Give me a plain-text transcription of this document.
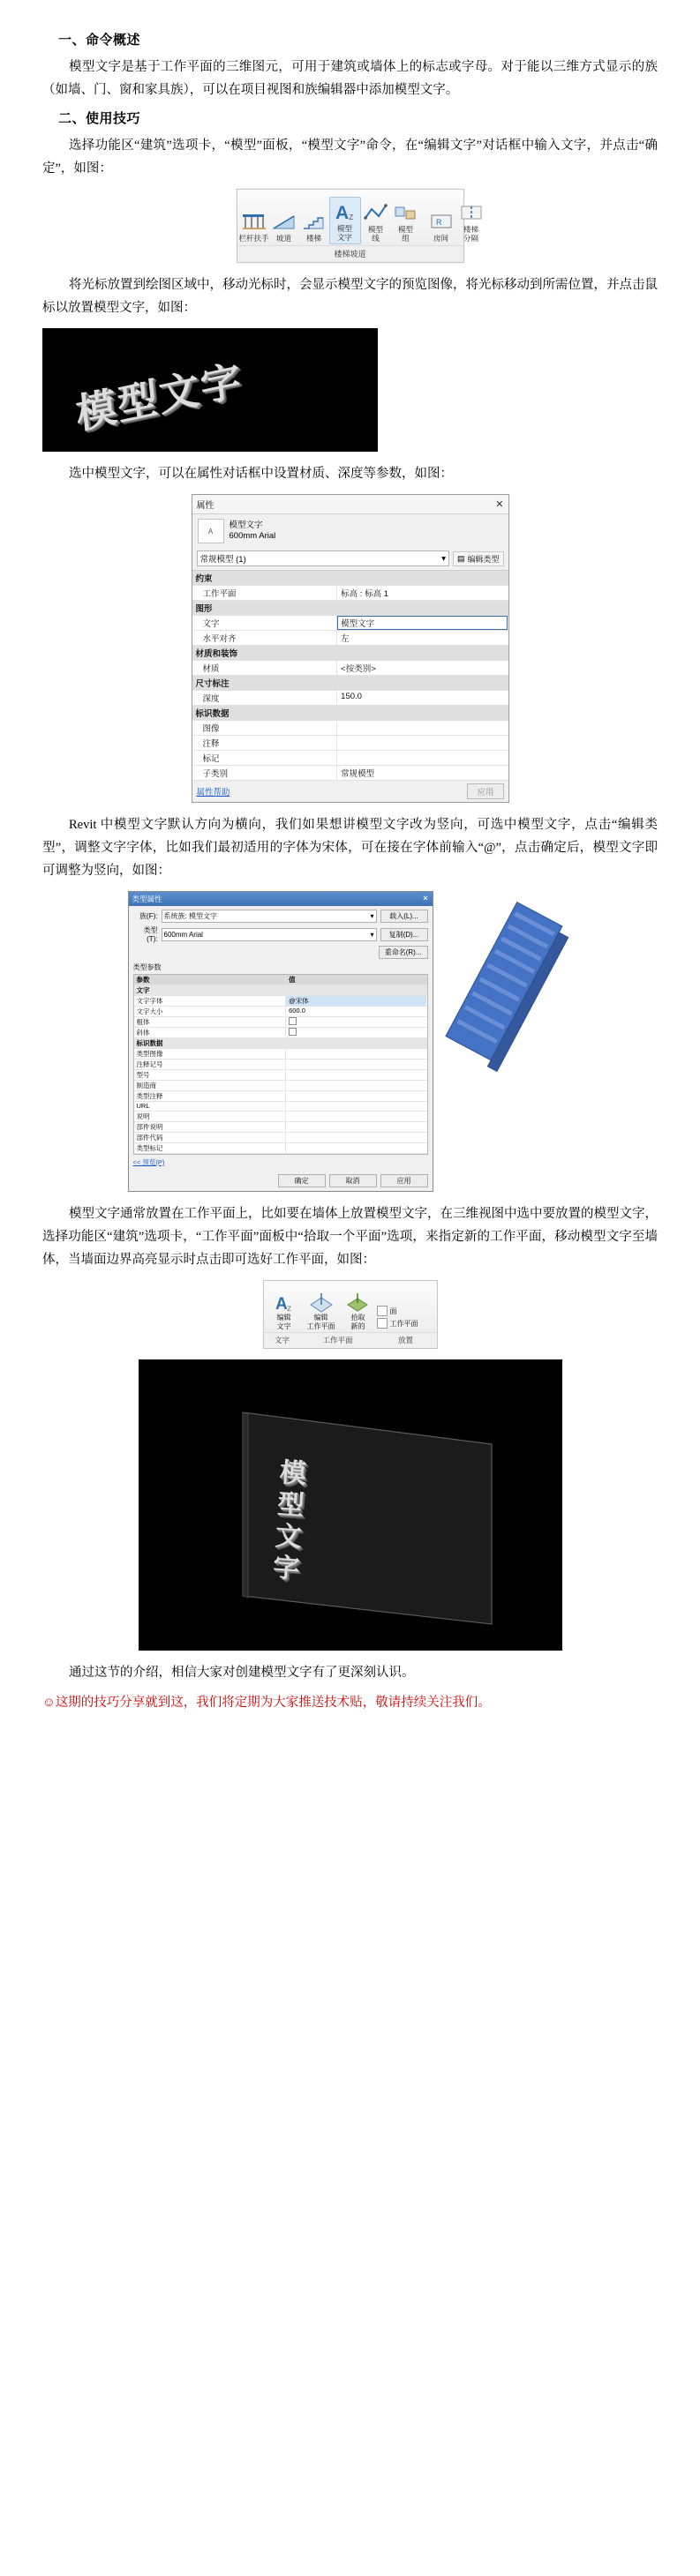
一、命令概述

模型文字是基于工作平面的三维图元，可用于建筑或墙体上的标志或字母。对于能以三维方式显示的族（如墙、门、窗和家具族），可以在项目视图和族编辑器中添加模型文字。

二、使用技巧

选择功能区“建筑”选项卡，“模型”面板，“模型文字”命令，在“编辑文字”对话框中输入文字，并点击“确定”，如图：

栏杆扶手 坡道 楼梯
A z
模型
文字
模型
线
模型
组
R
房间
楼梯
分隔
楼梯坡道

将光标放置到绘图区域中，移动光标时，会显示模型文字的预览图像，将光标移动到所需位置，并点击鼠标以放置模型文字，如图：

模型文字

选中模型文字，可以在属性对话框中设置材质、深度等参数，如图：

属性	✕
A
模型文字
600mm Arial
常规模型 (1)	▾ ▤ 编辑类型
约束
工作平面	标高 : 标高 1
图形
文字	模型文字
水平对齐	左
材质和装饰
材质	<按类别>
尺寸标注
深度	150.0
标识数据
图像
注释
标记
子类别	常规模型
属性帮助	应用

Revit 中模型文字默认方向为横向，我们如果想讲模型文字改为竖向，可选中模型文字，点击“编辑类型”，调整文字字体，比如我们最初适用的字体为宋体，可在接在字体前输入“@”，点击确定后，模型文字即可调整为竖向，如图：

类型属性	✕
族(F): 系统族: 模型文字	▾	载入(L)...
类型(T):
600mm Arial	▾	复制(D)...
重命名(R)...
类型参数
参数	值
文字
文字字体	@宋体
文字大小	600.0
粗体
斜体
标识数据
类型图像
注释记号
型号
制造商
类型注释
URL
说明
部件说明
部件代码
类型标记
<< 预览(P)
确定	取消	应用

模型文字通常放置在工作平面上，比如要在墙体上放置模型文字，在三维视图中选中要放置的模型文字，选择功能区“建筑”选项卡，“工作平面”面板中“拾取一个平面”选项，来指定新的工作平面，移动模型文字至墙体，当墙面边界高亮显示时点击即可选好工作平面，如图：

A z
编辑
文字
编辑
工作平面
拾取
新的
面
工作平面
文字	工作平面	放置
模型文字

通过这节的介绍，相信大家对创建模型文字有了更深刻认识。

☺这期的技巧分享就到这，我们将定期为大家推送技术贴，敬请持续关注我们。
